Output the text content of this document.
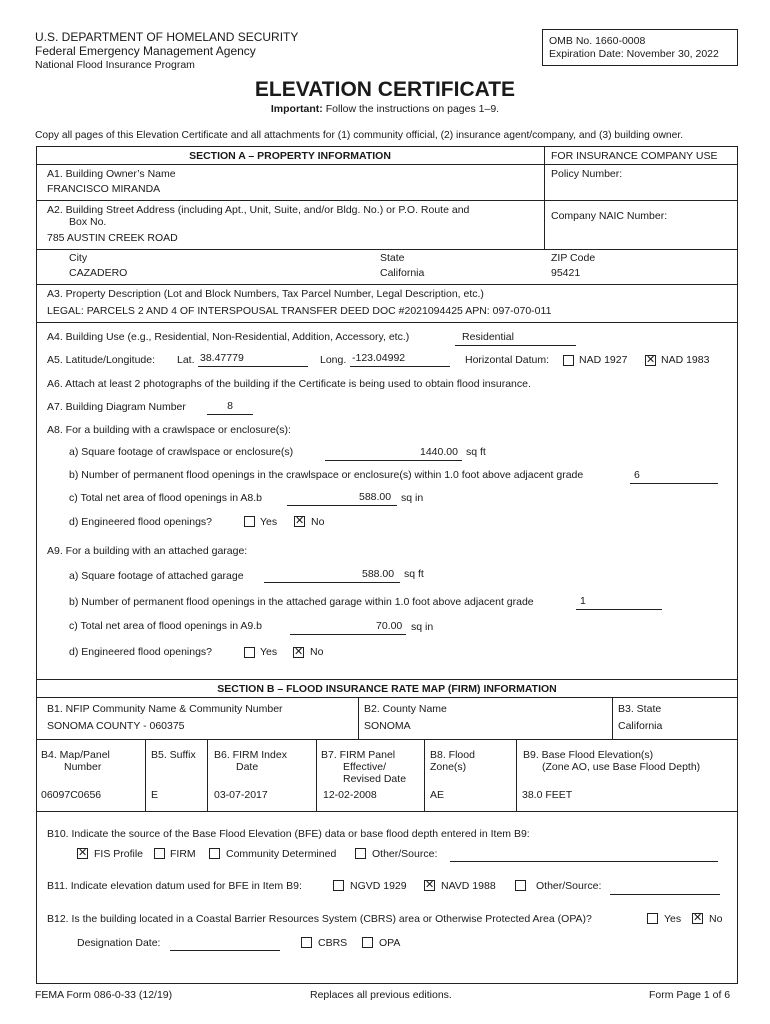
U.S. DEPARTMENT OF HOMELAND SECURITY
Federal Emergency Management Agency
National Flood Insurance Program
OMB No. 1660-0008
Expiration Date: November 30, 2022
ELEVATION CERTIFICATE
Important: Follow the instructions on pages 1–9.
Copy all pages of this Elevation Certificate and all attachments for (1) community official, (2) insurance agent/company, and (3) building owner.
SECTION A – PROPERTY INFORMATION	FOR INSURANCE COMPANY USE
A1. Building Owner’s Name
FRANCISCO MIRANDA
Policy Number:
A2. Building Street Address (including Apt., Unit, Suite, and/or Bldg. No.) or P.O. Route and
Box No.
785 AUSTIN CREEK ROAD
Company NAIC Number:
City
CAZADERO
State
California
ZIP Code
95421
A3. Property Description (Lot and Block Numbers, Tax Parcel Number, Legal Description, etc.)
LEGAL: PARCELS 2 AND 4 OF INTERSPOUSAL TRANSFER DEED DOC #2021094425 APN: 097-070-011
A4. Building Use (e.g., Residential, Non-Residential, Addition, Accessory, etc.)	Residential
A5. Latitude/Longitude: Lat. 38.47779	Long. -123.04992	Horizontal Datum:	NAD 1927 ✕ NAD 1983
A6. Attach at least 2 photographs of the building if the Certificate is being used to obtain flood insurance.
A7. Building Diagram Number	8
A8. For a building with a crawlspace or enclosure(s):
a) Square footage of crawlspace or enclosure(s)	1440.00 sq ft
b) Number of permanent flood openings in the crawlspace or enclosure(s) within 1.0 foot above adjacent grade	6
c) Total net area of flood openings in A8.b	588.00 sq in
d) Engineered flood openings?	Yes ✕ No
A9. For a building with an attached garage:
a) Square footage of attached garage	588.00 sq ft
b) Number of permanent flood openings in the attached garage within 1.0 foot above adjacent grade	1
c) Total net area of flood openings in A9.b	70.00 sq in
d) Engineered flood openings?	Yes ✕ No
SECTION B – FLOOD INSURANCE RATE MAP (FIRM) INFORMATION
B1. NFIP Community Name & Community Number
SONOMA COUNTY - 060375
B2. County Name
SONOMA
B3. State
California
B4. Map/Panel
Number
06097C0656
B5. Suffix
E
B6. FIRM Index
Date
03-07-2017
B7. FIRM Panel
Effective/
Revised Date
12-02-2008
B8. Flood
Zone(s)
AE
B9. Base Flood Elevation(s)
(Zone AO, use Base Flood Depth)
38.0 FEET
B10. Indicate the source of the Base Flood Elevation (BFE) data or base flood depth entered in Item B9:
✕ FIS Profile	FIRM	Community Determined	Other/Source:
B11. Indicate elevation datum used for BFE in Item B9:	NGVD 1929 ✕ NAVD 1988	Other/Source:
B12. Is the building located in a Coastal Barrier Resources System (CBRS) area or Otherwise Protected Area (OPA)?	Yes ✕ No
Designation Date:	CBRS	OPA
FEMA Form 086-0-33 (12/19)	Replaces all previous editions.	Form Page 1 of 6
